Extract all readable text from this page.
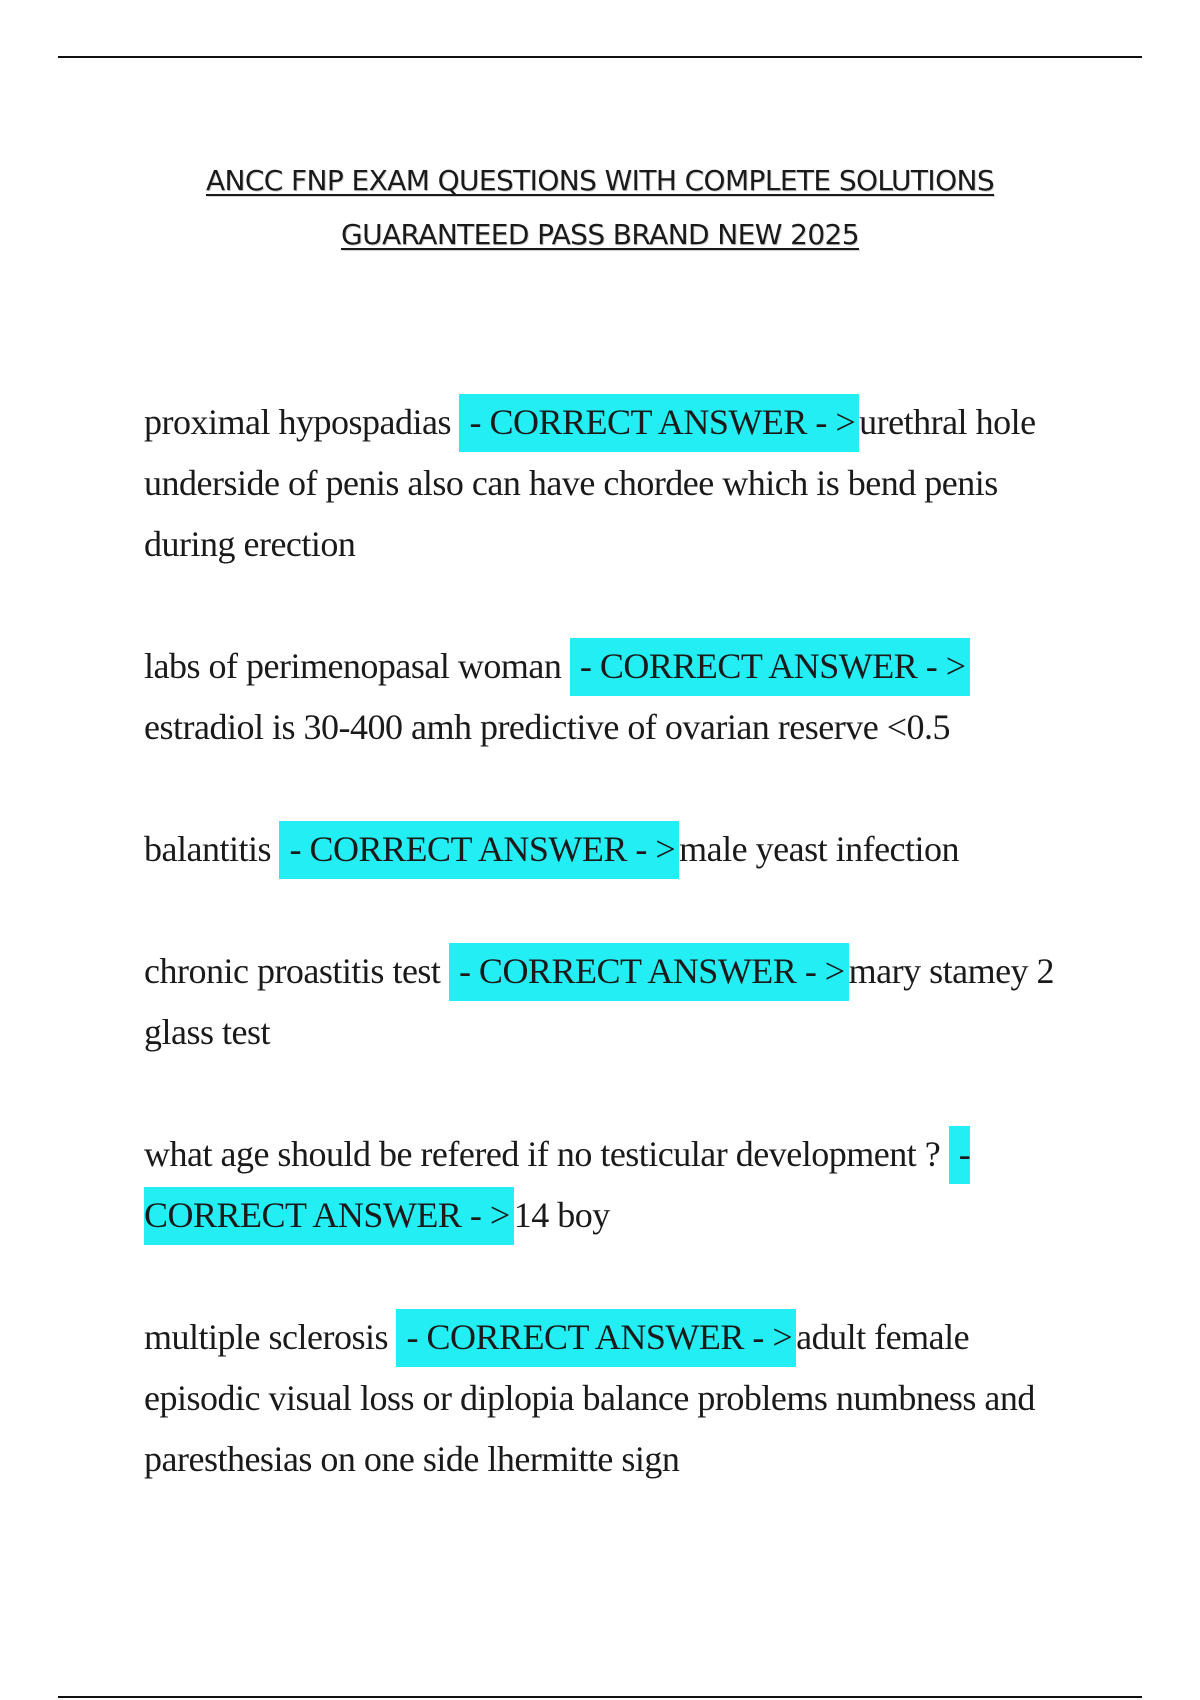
ANCC FNP EXAM QUESTIONS WITH COMPLETE SOLUTIONS
GUARANTEED PASS BRAND NEW 2025

proximal hypospadias - CORRECT ANSWER - > urethral hole underside of penis also can have chordee which is bend penis during erection

labs of perimenopasal woman - CORRECT ANSWER - > estradiol is 30-400 amh predictive of ovarian reserve <0.5

balantitis - CORRECT ANSWER - > male yeast infection

chronic proastitis test - CORRECT ANSWER - > mary stamey 2 glass test

what age should be refered if no testicular development ? - CORRECT ANSWER - > 14 boy

multiple sclerosis - CORRECT ANSWER - > adult female episodic visual loss or diplopia balance problems numbness and paresthesias on one side lhermitte sign
